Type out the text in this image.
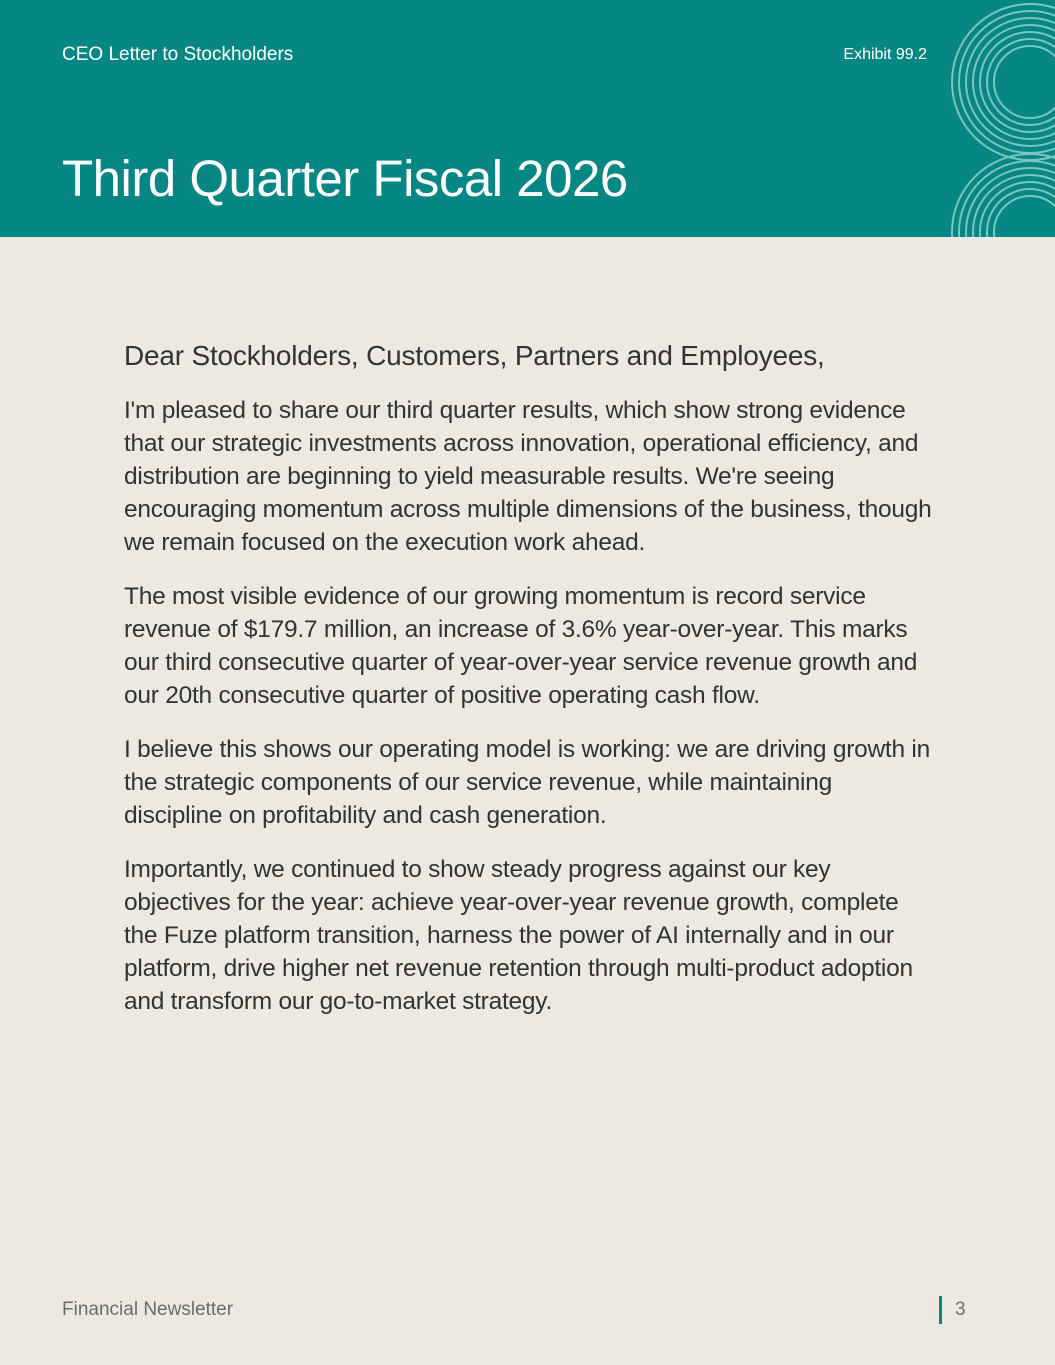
CEO Letter to Stockholders	Exhibit 99.2
Third Quarter Fiscal 2026
Dear Stockholders, Customers, Partners and Employees,

I'm pleased to share our third quarter results, which show strong evidence that our strategic investments across innovation, operational efficiency, and distribution are beginning to yield measurable results. We're seeing encouraging momentum across multiple dimensions of the business, though we remain focused on the execution work ahead.

The most visible evidence of our growing momentum is record service revenue of $179.7 million, an increase of 3.6% year-over-year. This marks our third consecutive quarter of year-over-year service revenue growth and our 20th consecutive quarter of positive operating cash flow.

I believe this shows our operating model is working: we are driving growth in the strategic components of our service revenue, while maintaining discipline on profitability and cash generation.

Importantly, we continued to show steady progress against our key objectives for the year: achieve year-over-year revenue growth, complete the Fuze platform transition, harness the power of AI internally and in our platform, drive higher net revenue retention through multi-product adoption and transform our go-to-market strategy.

Financial Newsletter	3
